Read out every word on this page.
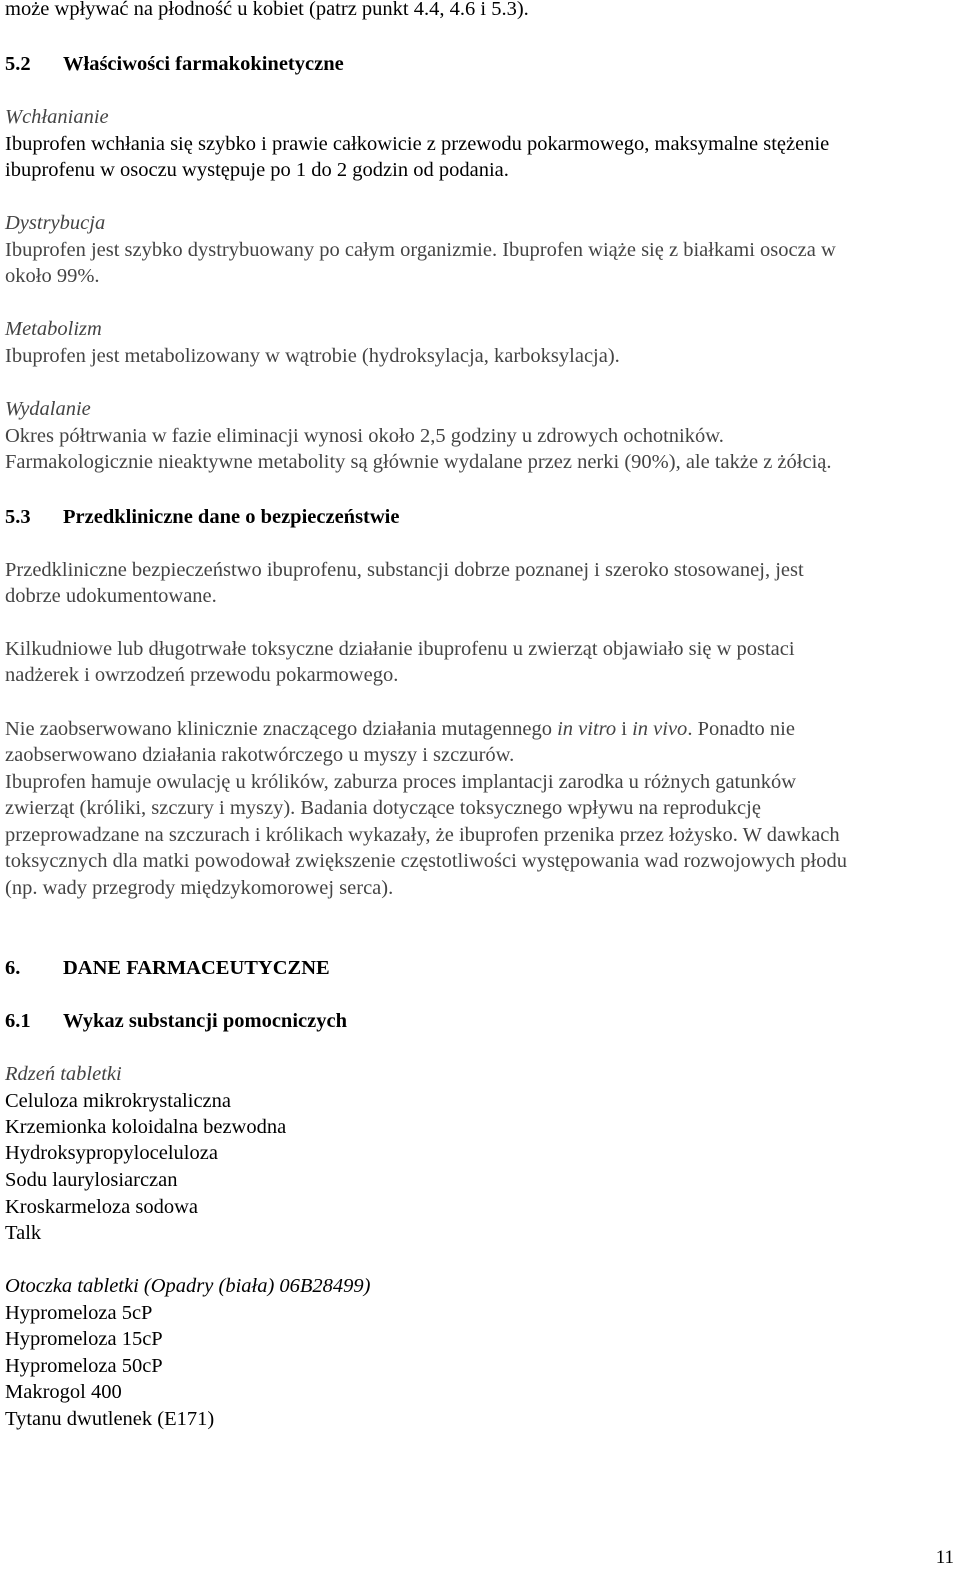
może wpływać na płodność u kobiet (patrz punkt 4.4, 4.6 i 5.3).
5.2 Właściwości farmakokinetyczne
Wchłanianie
Ibuprofen wchłania się szybko i prawie całkowicie z przewodu pokarmowego, maksymalne stężenie
ibuprofenu w osoczu występuje po 1 do 2 godzin od podania.
Dystrybucja
Ibuprofen jest szybko dystrybuowany po całym organizmie. Ibuprofen wiąże się z białkami osocza w
około 99%.
Metabolizm
Ibuprofen jest metabolizowany w wątrobie (hydroksylacja, karboksylacja).
Wydalanie
Okres półtrwania w fazie eliminacji wynosi około 2,5 godziny u zdrowych ochotników.
Farmakologicznie nieaktywne metabolity są głównie wydalane przez nerki (90%), ale także z żółcią.
5.3 Przedkliniczne dane o bezpieczeństwie
Przedkliniczne bezpieczeństwo ibuprofenu, substancji dobrze poznanej i szeroko stosowanej, jest
dobrze udokumentowane.
Kilkudniowe lub długotrwałe toksyczne działanie ibuprofenu u zwierząt objawiało się w postaci
nadżerek i owrzodzeń przewodu pokarmowego.
Nie zaobserwowano klinicznie znaczącego działania mutagennego in vitro i in vivo. Ponadto nie
zaobserwowano działania rakotwórczego u myszy i szczurów.
Ibuprofen hamuje owulację u królików, zaburza proces implantacji zarodka u różnych gatunków
zwierząt (króliki, szczury i myszy). Badania dotyczące toksycznego wpływu na reprodukcję
przeprowadzane na szczurach i królikach wykazały, że ibuprofen przenika przez łożysko. W dawkach
toksycznych dla matki powodował zwiększenie częstotliwości występowania wad rozwojowych płodu
(np. wady przegrody międzykomorowej serca).
6. DANE FARMACEUTYCZNE
6.1 Wykaz substancji pomocniczych
Rdzeń tabletki
Celuloza mikrokrystaliczna
Krzemionka koloidalna bezwodna
Hydroksypropyloceluloza
Sodu laurylosiarczan
Kroskarmeloza sodowa
Talk
Otoczka tabletki (Opadry (biała) 06B28499)
Hypromeloza 5cP
Hypromeloza 15cP
Hypromeloza 50cP
Makrogol 400
Tytanu dwutlenek (E171)
11
